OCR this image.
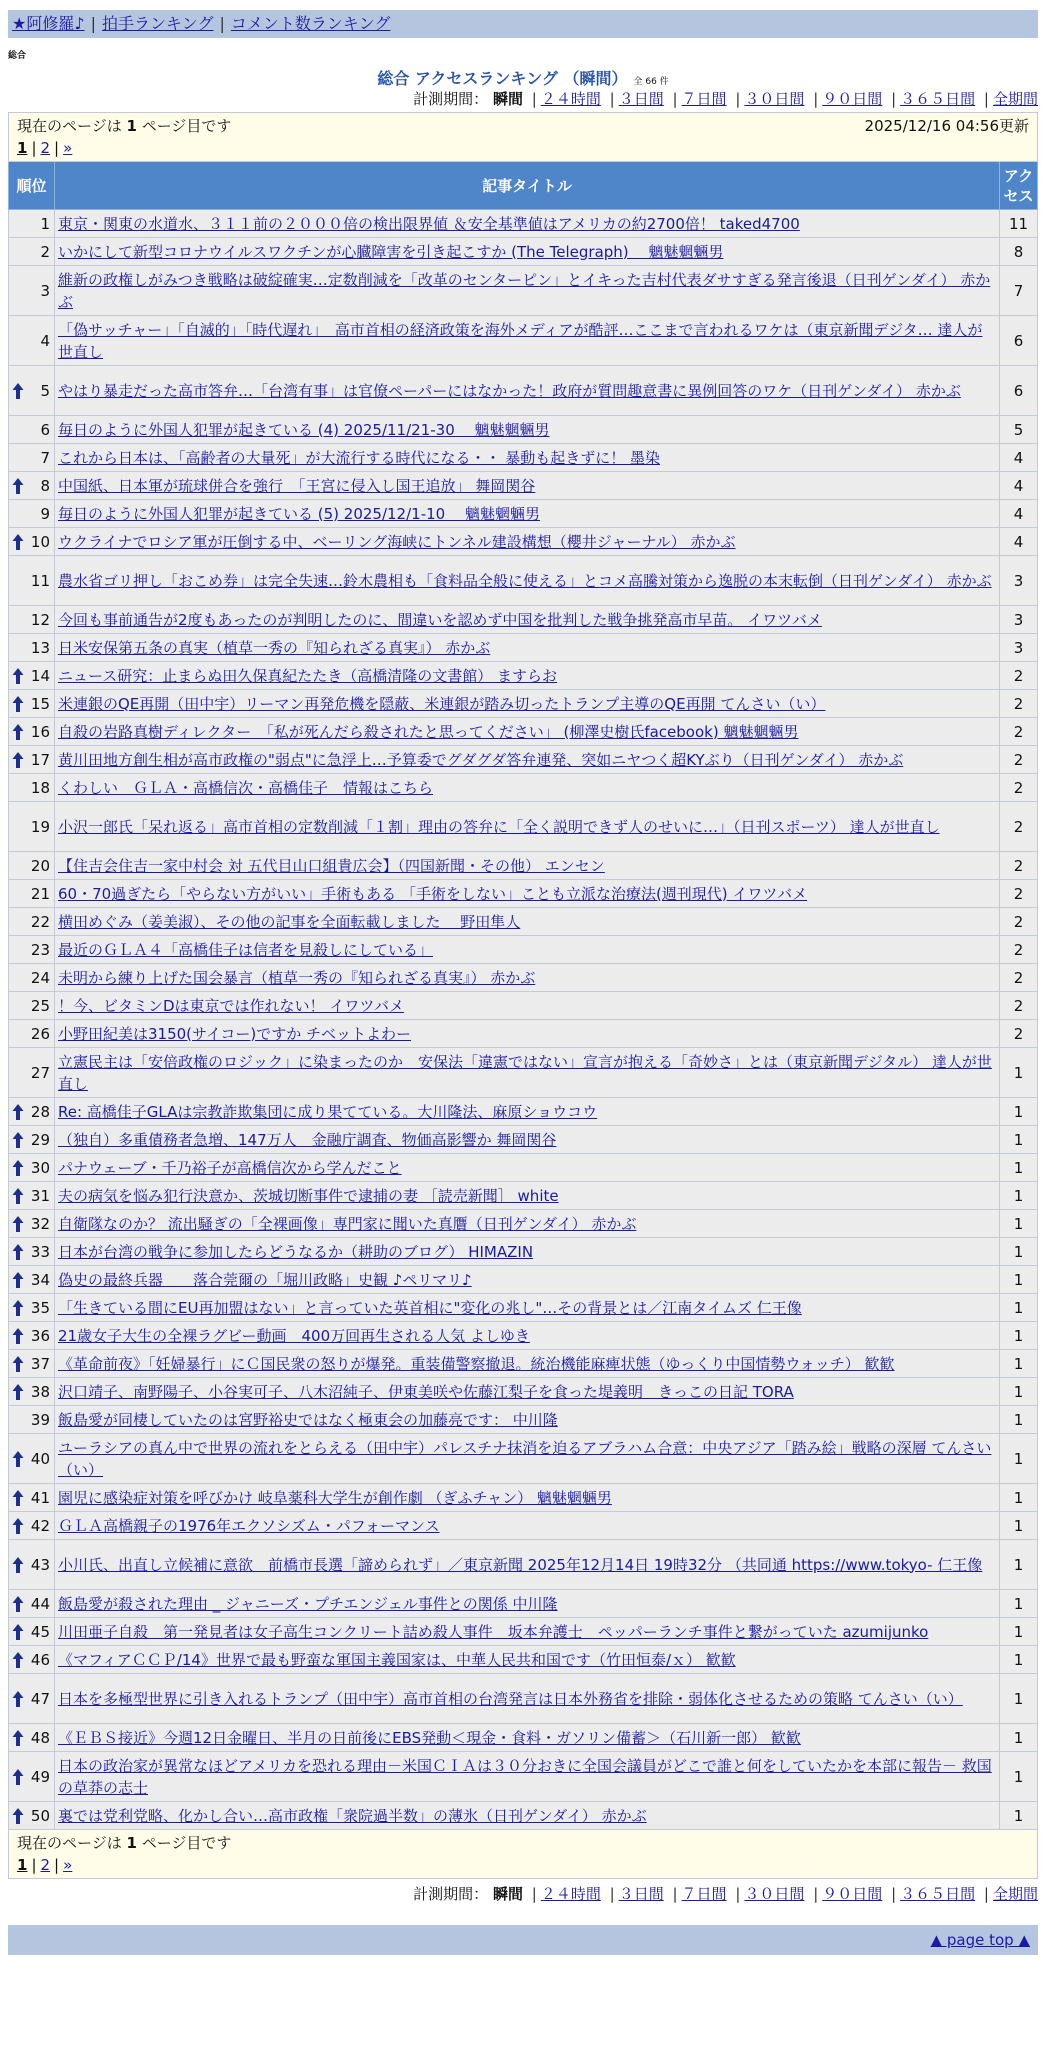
★阿修羅♪ | 拍手ランキング | コメント数ランキング
総合
総合 アクセスランキング （瞬間） 全 66 件
計測期間： 瞬間 | ２４時間 | ３日間 | ７日間 | ３０日間 | ９０日間 | ３６５日間 | 全期間
現在のページは 1 ページ目です 2025/12/16 04:56更新
1 | 2 | »		

順位	記事タイトル	アクセス
1	東京・関東の水道水、３１１前の２０００倍の検出限界値 ＆安全基準値はアメリカの約2700倍！ taked4700	11
2	いかにして新型コロナウイルスワクチンが心臓障害を引き起こすか (The Telegraph)　 魑魅魍魎男	8
3	維新の政権しがみつき戦略は破綻確実…定数削減を「改革のセンターピン」とイキった吉村代表ダサすぎる発言後退（日刊ゲンダイ） 赤かぶ	7
4	「偽サッチャー」「自滅的」「時代遅れ」　高市首相の経済政策を海外メディアが酷評…ここまで言われるワケは（東京新聞デジタ… 達人が世直し	6

5	やはり暴走だった高市答弁…「台湾有事」は官僚ペーパーにはなかった！政府が質問趣意書に異例回答のワケ（日刊ゲンダイ） 赤かぶ	6
6	毎日のように外国人犯罪が起きている (4) 2025/11/21-30　 魑魅魍魎男	5
7	これから日本は、「高齢者の大量死」が大流行する時代になる・・ 暴動も起きずに！ 墨染	4

8	中国紙、日本軍が琉球併合を強行　「王宮に侵入し国王追放」 舞岡関谷	4
9	毎日のように外国人犯罪が起きている (5) 2025/12/1-10　 魑魅魍魎男	4

10	ウクライナでロシア軍が圧倒する中、ベーリング海峡にトンネル建設構想（櫻井ジャーナル） 赤かぶ	4
11	農水省ゴリ押し「おこめ券」は完全失速…鈴木農相も「食料品全般に使える」とコメ高騰対策から逸脱の本末転倒（日刊ゲンダイ） 赤かぶ	3
12	今回も事前通告が2度もあったのが判明したのに、間違いを認めず中国を批判した戦争挑発高市早苗。 イワツバメ	3
13	日米安保第五条の真実（植草一秀の『知られざる真実』） 赤かぶ	3

14	ニュース研究：止まらぬ田久保真紀たたき（高橋清隆の文書館） ますらお	2

15	米連銀のQE再開（田中宇）リーマン再発危機を隠蔽、米連銀が踏み切ったトランプ主導のQE再開 てんさい（い）	2

16	自殺の岩路真樹ディレクター　「私が死んだら殺されたと思ってください」 (柳澤史樹氏facebook) 魑魅魍魎男	2

17	黄川田地方創生相が高市政権の"弱点"に急浮上…予算委でグダグダ答弁連発、突如ニヤつく超KYぶり（日刊ゲンダイ） 赤かぶ	2
18	くわしい　ＧＬＡ・高橋信次・高橋佳子　情報はこちら	2
19	小沢一郎氏「呆れ返る」高市首相の定数削減「１割」理由の答弁に「全く説明できず人のせいに…」（日刊スポーツ） 達人が世直し	2
20	【住吉会住吉一家中村会 対 五代目山口組貴広会】（四国新聞・その他） エンセン	2
21	60・70過ぎたら「やらない方がいい」手術もある 「手術をしない」ことも立派な治療法(週刊現代) イワツバメ	2
22	横田めぐみ（姜美淑）、その他の記事を全面転載しました　 野田隼人	2
23	最近のＧＬＡ４「高橋佳子は信者を見殺しにしている」	2
24	未明から練り上げた国会暴言（植草一秀の『知られざる真実』） 赤かぶ	2
25	！今、ビタミンDは東京では作れない！ イワツバメ	2
26	小野田紀美は3150(サイコー)ですか チベットよわー	2
27	立憲民主は「安倍政権のロジック」に染まったのか　安保法「違憲ではない」宣言が抱える「奇妙さ」とは（東京新聞デジタル） 達人が世直し	1

28	Re: 高橋佳子GLAは宗教詐欺集団に成り果てている。大川隆法、麻原ショウコウ	1

29	（独自）多重債務者急増、147万人　金融庁調査、物価高影響か 舞岡関谷	1

30	パナウェーブ・千乃裕子が高橋信次から学んだこと	1

31	夫の病気を悩み犯行決意か、茨城切断事件で逮捕の妻 ［読売新聞］ white	1

32	自衛隊なのか？ 流出騒ぎの「全裸画像」専門家に聞いた真贋（日刊ゲンダイ） 赤かぶ	1

33	日本が台湾の戦争に参加したらどうなるか（耕助のブログ） HIMAZIN	1

34	偽史の最終兵器　　落合莞爾の「堀川政略」史観 ♪ペリマリ♪	1

35	「生きている間にEU再加盟はない」と言っていた英首相に"変化の兆し"…その背景とは／江南タイムズ 仁王像	1

36	21歳女子大生の全裸ラグビー動画　400万回再生される人気 よしゆき	1

37	《革命前夜》「妊婦暴行」にＣ国民衆の怒りが爆発。重装備警察撤退。統治機能麻痺状態（ゆっくり中国情勢ウォッチ） 歓歓	1

38	沢口靖子、南野陽子、小谷実可子、八木沼純子、伊東美咲や佐藤江梨子を食った堤義明　きっこの日記 TORA	1
39	飯島愛が同棲していたのは宮野裕史ではなく極東会の加藤亮です： 中川隆	1

40	ユーラシアの真ん中で世界の流れをとらえる（田中宇）パレスチナ抹消を迫るアブラハム合意：中央アジア「踏み絵」戦略の深層 てんさい（い）	1

41	園児に感染症対策を呼びかけ 岐阜薬科大学生が創作劇 （ぎふチャン） 魑魅魍魎男	1

42	ＧＬＡ高橋親子の1976年エクソシズム・パフォーマンス	1

43	小川氏、出直し立候補に意欲　前橋市長選「諦められず」／東京新聞 2025年12月14日 19時32分 （共同通 https://www.tokyo- 仁王像	1

44	飯島愛が殺された理由 _ ジャニーズ・プチエンジェル事件との関係 中川隆	1

45	川田亜子自殺　第一発見者は女子高生コンクリート詰め殺人事件　坂本弁護士　ペッパーランチ事件と繋がっていた azumijunko	1

46	《マフィアＣＣＰ/14》世界で最も野蛮な軍国主義国家は、中華人民共和国です（竹田恒泰/ｘ） 歓歓	1

47	日本を多極型世界に引き入れるトランプ（田中宇）高市首相の台湾発言は日本外務省を排除・弱体化させるための策略 てんさい（い）	1

48	《ＥＢＳ接近》今週12日金曜日、半月の日前後にEBS発動＜現金・食料・ガソリン備蓄＞（石川新一郎） 歓歓	1

49	日本の政治家が異常なほどアメリカを恐れる理由－米国ＣＩＡは３０分おきに全国会議員がどこで誰と何をしていたかを本部に報告－ 救国の草莽の志士	1

50	裏では党利党略、化かし合い…高市政権「衆院過半数」の薄氷（日刊ゲンダイ） 赤かぶ	1

現在のページは 1 ページ目です
1 | 2 | »		
計測期間： 瞬間 | ２４時間 | ３日間 | ７日間 | ３０日間 | ９０日間 | ３６５日間 | 全期間
▲ page top ▲
